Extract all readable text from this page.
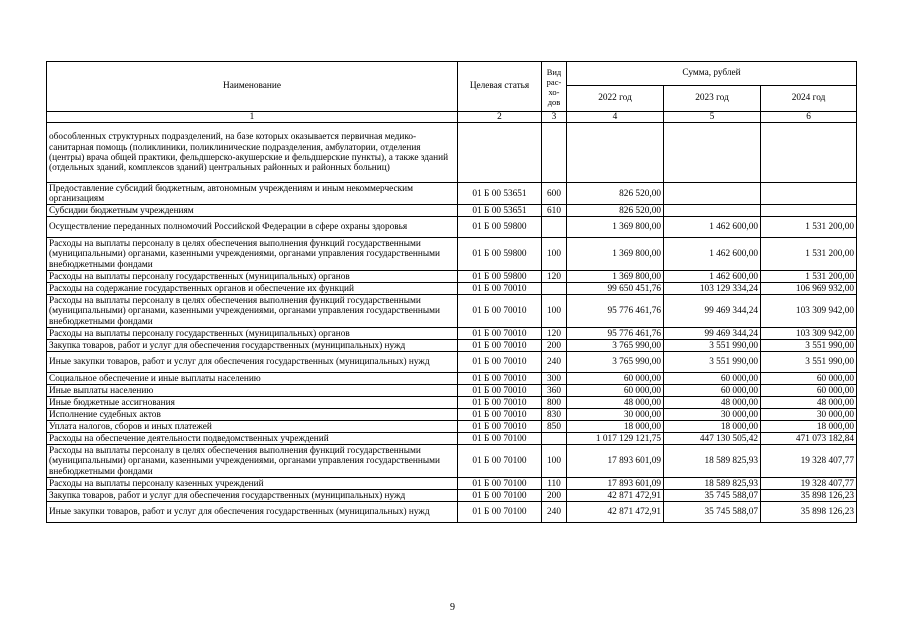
Наименование	Целевая статья	Вид рас-хо-дов	Сумма, рублей		
			2022 год	2023 год	2024 год
1	2	3	4	5	6
обособленных структурных подразделений, на базе которых оказывается первичная медико-санитарная помощь (поликлиники, поликлинические подразделения, амбулатории, отделения (центры) врача общей практики, фельдшерско-акушерские и фельдшерские пункты), а также зданий (отдельных зданий, комплексов зданий) центральных районных и районных больниц)					
Предоставление субсидий бюджетным, автономным учреждениям и иным некоммерческим организациям	01 Б 00 53651	600	826 520,00		
Субсидии бюджетным учреждениям	01 Б 00 53651	610	826 520,00		
Осуществление переданных полномочий Российской Федерации в сфере охраны здоровья	01 Б 00 59800		1 369 800,00	1 462 600,00	1 531 200,00
Расходы на выплаты персоналу в целях обеспечения выполнения функций государственными (муниципальными) органами, казенными учреждениями, органами управления государственными внебюджетными фондами	01 Б 00 59800	100	1 369 800,00	1 462 600,00	1 531 200,00
Расходы на выплаты персоналу государственных (муниципальных) органов	01 Б 00 59800	120	1 369 800,00	1 462 600,00	1 531 200,00
Расходы на содержание государственных органов и обеспечение их функций	01 Б 00 70010		99 650 451,76	103 129 334,24	106 969 932,00
Расходы на выплаты персоналу в целях обеспечения выполнения функций государственными (муниципальными) органами, казенными учреждениями, органами управления государственными внебюджетными фондами	01 Б 00 70010	100	95 776 461,76	99 469 344,24	103 309 942,00
Расходы на выплаты персоналу государственных (муниципальных) органов	01 Б 00 70010	120	95 776 461,76	99 469 344,24	103 309 942,00
Закупка товаров, работ и услуг для обеспечения государственных (муниципальных) нужд	01 Б 00 70010	200	3 765 990,00	3 551 990,00	3 551 990,00
Иные закупки товаров, работ и услуг для обеспечения государственных (муниципальных) нужд	01 Б 00 70010	240	3 765 990,00	3 551 990,00	3 551 990,00
Социальное обеспечение и иные выплаты населению	01 Б 00 70010	300	60 000,00	60 000,00	60 000,00
Иные выплаты населению	01 Б 00 70010	360	60 000,00	60 000,00	60 000,00
Иные бюджетные ассигнования	01 Б 00 70010	800	48 000,00	48 000,00	48 000,00
Исполнение судебных актов	01 Б 00 70010	830	30 000,00	30 000,00	30 000,00
Уплата налогов, сборов и иных платежей	01 Б 00 70010	850	18 000,00	18 000,00	18 000,00
Расходы на обеспечение деятельности подведомственных учреждений	01 Б 00 70100		1 017 129 121,75	447 130 505,42	471 073 182,84
Расходы на выплаты персоналу в целях обеспечения выполнения функций государственными (муниципальными) органами, казенными учреждениями, органами управления государственными внебюджетными фондами	01 Б 00 70100	100	17 893 601,09	18 589 825,93	19 328 407,77
Расходы на выплаты персоналу казенных учреждений	01 Б 00 70100	110	17 893 601,09	18 589 825,93	19 328 407,77
Закупка товаров, работ и услуг для обеспечения государственных (муниципальных) нужд	01 Б 00 70100	200	42 871 472,91	35 745 588,07	35 898 126,23
Иные закупки товаров, работ и услуг для обеспечения государственных (муниципальных) нужд	01 Б 00 70100	240	42 871 472,91	35 745 588,07	35 898 126,23
9
